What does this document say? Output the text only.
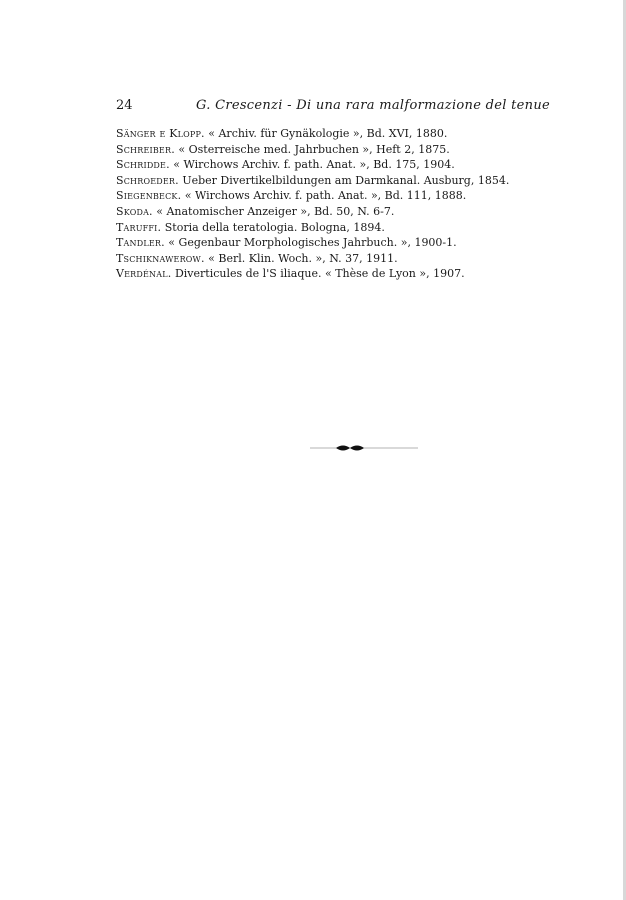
24	G. Crescenzi - Di una rara malformazione del tenue
Sänger e Klopp. « Archiv. für Gynäkologie », Bd. XVI, 1880.
Schreiber. « Osterreische med. Jahrbuchen », Heft 2, 1875.
Schridde. « Wirchows Archiv. f. path. Anat. », Bd. 175, 1904.
Schroeder. Ueber Divertikelbildungen am Darmkanal. Ausburg, 1854.
Siegenbeck. « Wirchows Archiv. f. path. Anat. », Bd. 111, 1888.
Skoda. « Anatomischer Anzeiger », Bd. 50, N. 6-7.
Taruffi. Storia della teratologia. Bologna, 1894.
Tandler. « Gegenbaur Morphologisches Jahrbuch. », 1900-1.
Tschiknawerow. « Berl. Klin. Woch. », N. 37, 1911.
Verdénal. Diverticules de l'S iliaque. « Thèse de Lyon », 1907.
